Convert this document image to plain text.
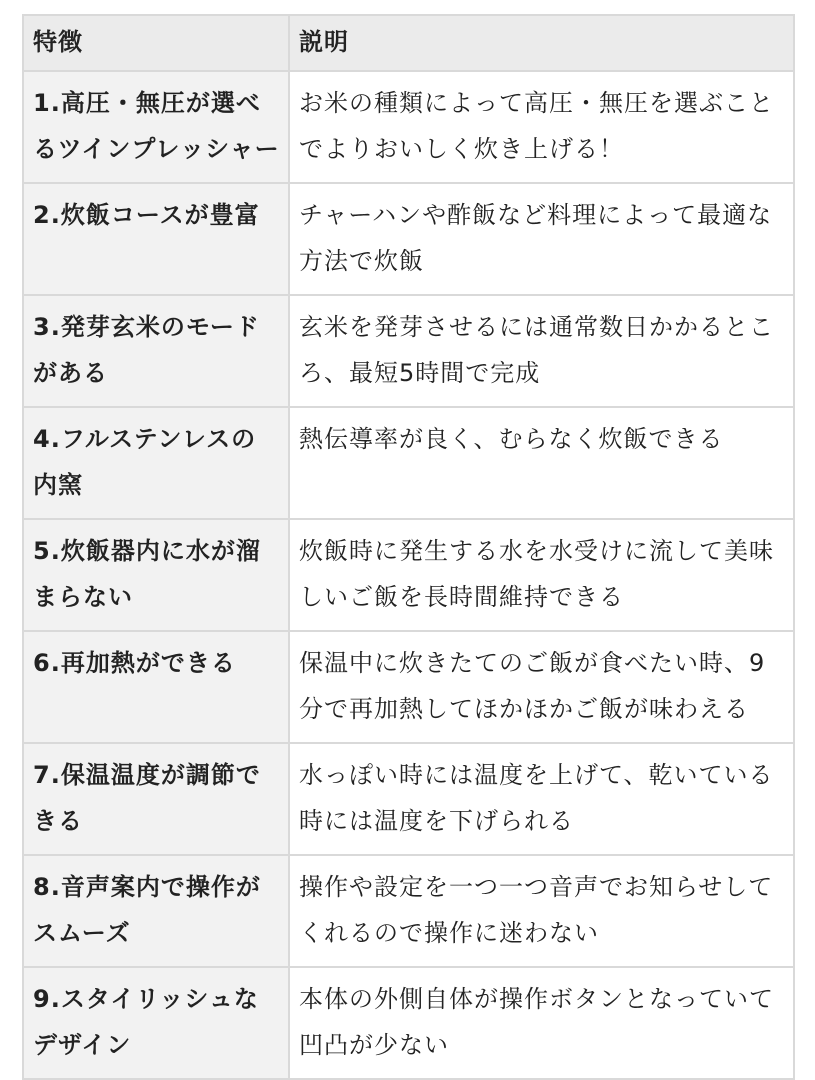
特徴	説明
1.高圧・無圧が選べるツインプレッシャー	お米の種類によって高圧・無圧を選ぶことでよりおいしく炊き上げる！
2.炊飯コースが豊富	チャーハンや酢飯など料理によって最適な方法で炊飯
3.発芽玄米のモードがある	玄米を発芽させるには通常数日かかるところ、最短5時間で完成
4.フルステンレスの内窯	熱伝導率が良く、むらなく炊飯できる
5.炊飯器内に水が溜まらない	炊飯時に発生する水を水受けに流して美味しいご飯を長時間維持できる
6.再加熱ができる	保温中に炊きたてのご飯が食べたい時、9分で再加熱してほかほかご飯が味わえる
7.保温温度が調節できる	水っぽい時には温度を上げて、乾いている時には温度を下げられる
8.音声案内で操作がスムーズ	操作や設定を一つ一つ音声でお知らせしてくれるので操作に迷わない
9.スタイリッシュなデザイン	本体の外側自体が操作ボタンとなっていて凹凸が少ない
